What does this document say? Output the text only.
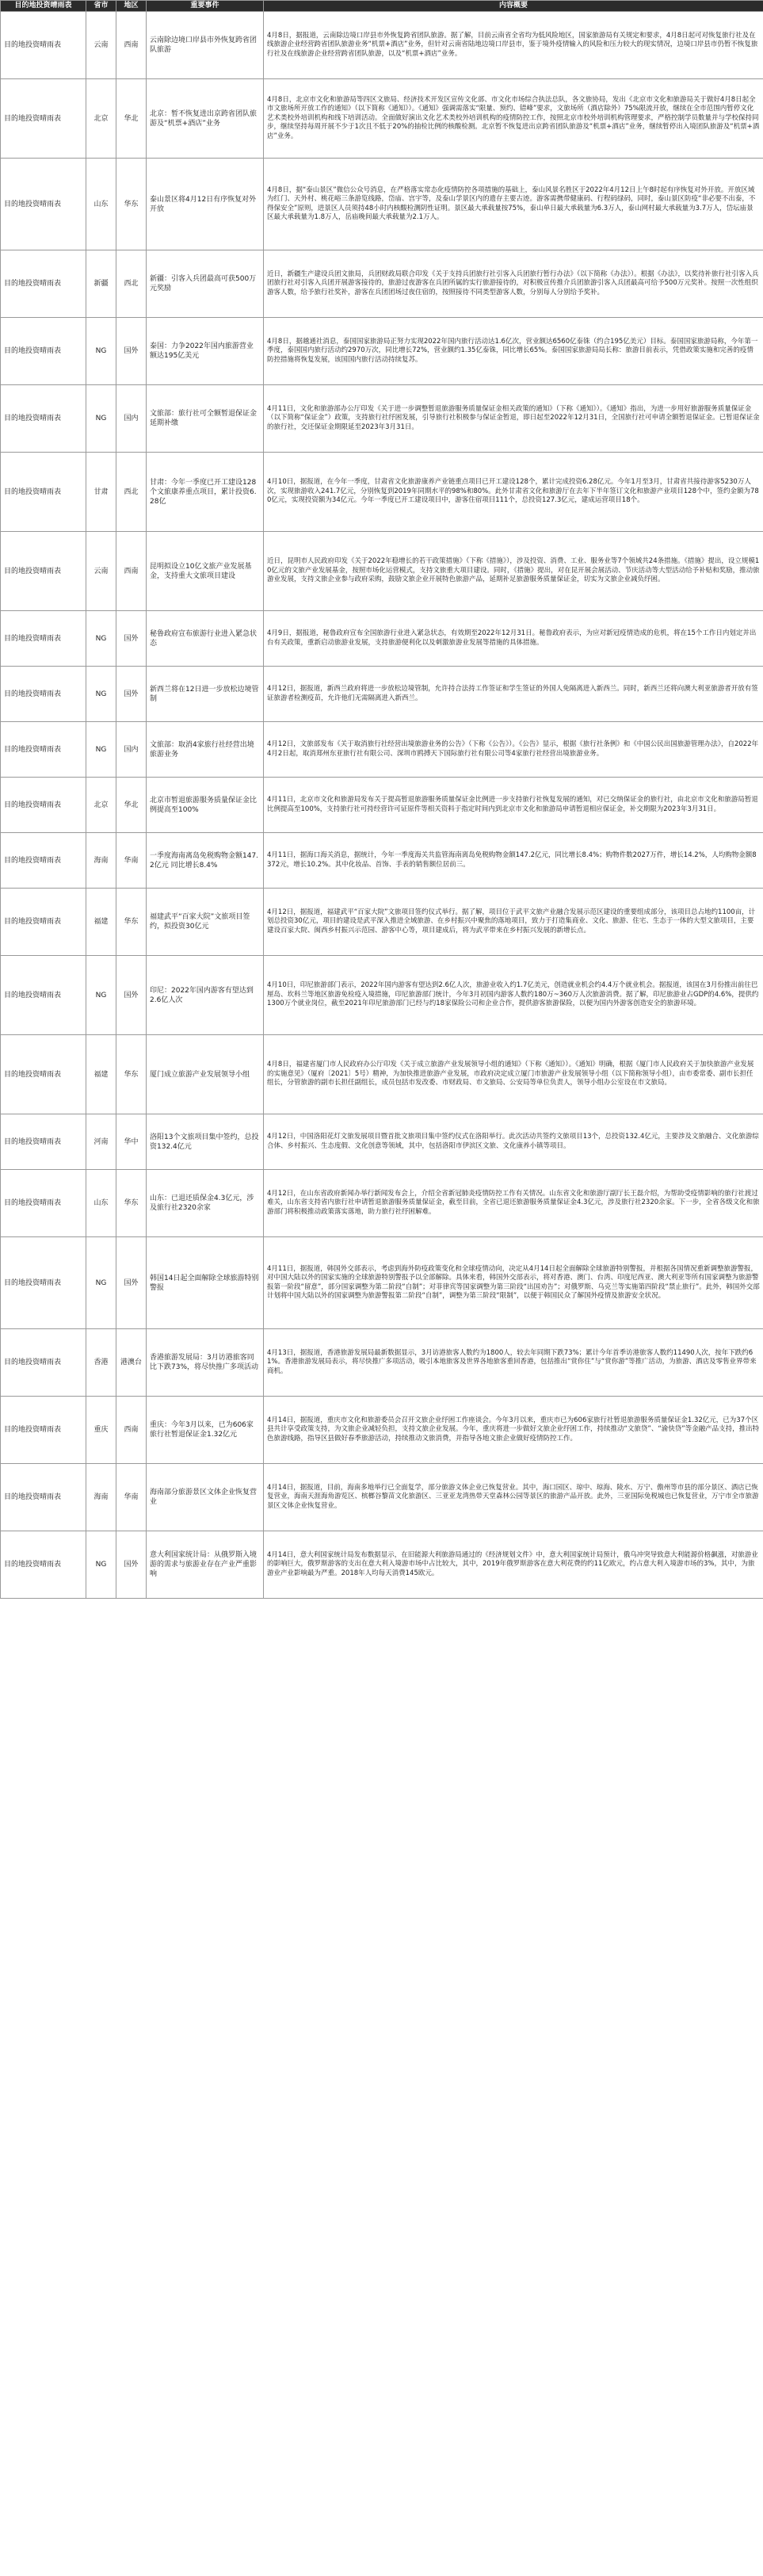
目的地投资晴雨表	省市	地区	重要事件	内容概要
目的地投资晴雨表	云南	西南	云南除边境口岸县市外恢复跨省团队旅游	4月8日，据报道，云南除边境口岸县市外恢复跨省团队旅游。据了解，目前云南省全省均为低风险地区，国家旅游局有关规定和要求，4月8日起可对恢复旅行社及在线旅游企业经营跨省团队旅游业务“机票+酒店”业务，但针对云南省陆地边境口岸县市，鉴于境外疫情输入的风险和压力较大的现实情况，边境口岸县市仍暂不恢复旅行社及在线旅游企业经营跨省团队旅游，以及“机票+酒店”业务。
目的地投资晴雨表	北京	华北	北京：暂不恢复进出京跨省团队旅游及“机票+酒店”业务	4月8日，北京市文化和旅游局等四区文旅局、经济技术开发区宣传文化部、市文化市场综合执法总队，各文旅协局，发出《北京市文化和旅游局关于做好4月8日起全市文旅场所开放工作的通知》（以下简称《通知》）。《通知》强调需落实“限量、预约、错峰”要求，文旅场所（酒店除外）75%限流开放，继续在全市范围内暂停文化艺术类校外培训机构和线下培训活动。全面做好演出文化艺术类校外培训机构的疫情防控工作，按照北京市校外培训机构管理要求，严格控制学员数量并与学校保持同步，继续坚持每周开展不少于1次且不低于20%的抽检比例的核酸检测。北京暂不恢复进出京跨省团队旅游及“机票+酒店”业务，继续暂停出入境团队旅游及“机票+酒店”业务。
目的地投资晴雨表	山东	华东	泰山景区将4月12日有序恢复对外开放	4月8日，据“泰山景区”微信公众号消息，在严格落实常态化疫情防控各项措施的基础上，泰山风景名胜区于2022年4月12日上午8时起有序恢复对外开放。开放区域为红门、天外村、桃花峪三条游览线路，岱庙、宫宇等，及泰山学景区内的遗存主要古迹。游客需携带健康码、行程码绿码，同时，泰山景区防疫“非必要不出泰，不得保安全”原则，进景区人员须持48小时内核酸检测阴性证明。景区最大承载量按75%，泰山单日最大承载量为6.3万人，泰山网村最大承载量为3.7万人，岱坛庙景区最大承载量为1.8万人，岳庙晚间最大承载量为2.1万人。
目的地投资晴雨表	新疆	西北	新疆：引客入兵团最高可获500万元奖励	近日，新疆生产建设兵团文旅局，兵团财政局联合印发《关于支持兵团旅行社引客入兵团旅行暂行办法》（以下简称《办法》）。根据《办法》，以奖待补旅行社引客入兵团旅行社对引客入兵团开展游客接待的，旅游过夜游客在兵团所属的实行旅游接待的，对积极宣传推介兵团旅游引客入兵团最高可给予500万元奖补。按照一次性组织游客人数，给予旅行社奖补，游客在兵团团场过夜住宿的，按照接待不同类型游客人数，分别每人分别给予奖补。
目的地投资晴雨表	NG	国外	泰国：力争2022年国内旅游营业额达195亿美元	4月8日，据越通社消息，泰国国家旅游局正努力实现2022年国内旅行活动达1.6亿次，营业额达6560亿泰铢（约合195亿美元）目标。泰国国家旅游局称，今年第一季度，泰国国内旅行活动约2970万次，同比增长72%，营业额约1.35亿泰铢，同比增长65%。泰国国家旅游局局长称：旅游目前表示，凭借政策实施和完善的疫情防控措施将恢复发展，该国国内旅行活动持续复苏。
目的地投资晴雨表	NG	国内	文旅部：旅行社可全额暂退保证金延期补缴	4月11日，文化和旅游部办公厅印发《关于进一步调整暂退旅游服务质量保证金相关政策的通知》（下称《通知》）。《通知》指出，为进一步用好旅游服务质量保证金（以下简称“保证金”）政策，支持旅行社纾困发展，引导旅行社积极参与保证金暂退，即日起至2022年12月31日，全国旅行社可申请全额暂退保证金。已暂退保证金的旅行社，交还保证金期限延至2023年3月31日。
目的地投资晴雨表	甘肃	西北	甘肃：今年一季度已开工建设128个文旅康养重点项目，累计投资6.28亿	4月10日，据报道，在今年一季度，甘肃省文化旅游康养产业链重点项目已开工建设128个，累计完成投资6.28亿元。今年1月至3月，甘肃省共接待游客5230万人次，实现旅游收入241.7亿元，分别恢复到2019年同期水平的98%和80%。此外甘肃省文化和旅游厅在去年下半年签订文化和旅游产业项目128个中，签约金额为780亿元，实现投资额为34亿元。今年一季度已开工建设项目中，游客住宿项目111个，总投资127.3亿元，建成运营项目18个。
目的地投资晴雨表	云南	西南	昆明拟设立10亿文旅产业发展基金，支持重大文旅项目建设	近日，昆明市人民政府印发《关于2022年稳增长的若干政策措施》（下称《措施》），涉及投资、消费、工业、服务业等7个领域共24条措施。《措施》提出，设立规模10亿元的文旅产业发展基金，按照市场化运营模式，支持文旅重大项目建设。同时，《措施》提出，对在昆开展会展活动、节庆活动等大型活动给予补贴和奖励，推动旅游业发展，支持文旅企业参与政府采购，鼓励文旅企业开展特色旅游产品，延期补足旅游服务质量保证金，切实为文旅企业减负纾困。
目的地投资晴雨表	NG	国外	秘鲁政府宣布旅游行业进入紧急状态	4月9日，据报道，秘鲁政府宣布全国旅游行业进入紧急状态，有效期至2022年12月31日。秘鲁政府表示，为应对新冠疫情造成的危机，将在15个工作日内划定并出台有关政策，重新启动旅游业发展，支持旅游便利化以及刺激旅游业发展等措施的具体措施。
目的地投资晴雨表	NG	国外	新西兰将在12日进一步放松边境管制	4月12日，据报道，新西兰政府将进一步放松边境管制，允许持合法持工作签证和学生签证的外国人免隔离进入新西兰。同时，新西兰还将向澳大利亚旅游者开放有签证旅游者检测疫苗，允许他们无需隔离进入新西兰。
目的地投资晴雨表	NG	国内	文旅部：取消4家旅行社经营出境旅游业务	4月12日，文旅部发布《关于取消旅行社经营出境旅游业务的公告》（下称《公告》）。《公告》显示，根据《旅行社条例》和《中国公民出国旅游管理办法》，自2022年4月2日起，取消郑州东亚旅行社有限公司、深圳市鸥搏天下国际旅行社有限公司等4家旅行社经营出境旅游业务。
目的地投资晴雨表	北京	华北	北京市暂退旅游服务质量保证金比例提高至100%	4月11日，北京市文化和旅游局发布关于提高暂退旅游服务质量保证金比例进一步支持旅行社恢复发展的通知，对已交纳保证金的旅行社，由北京市文化和旅游局暂退比例提高至100%，支持旅行社可持经营许可证原件等相关资料于指定时间内到北京市文化和旅游局申请暂退相应保证金，补交期限为2023年3月31日。
目的地投资晴雨表	海南	华南	一季度海南离岛免税购物金额147.2亿元 同比增长8.4%	4月11日，据海口海关消息，据统计，今年一季度海关共监管海南离岛免税购物金额147.2亿元，同比增长8.4%；购物件数2027万件，增长14.2%，人均购物金额8372元，增长10.2%。其中化妆品、首饰、手表的销售额位居前三。
目的地投资晴雨表	福建	华东	福建武平“百家大院”文旅项目签约，拟投资30亿元	4月12日，据报道，福建武平“百家大院”文旅项目签约仪式举行。据了解，项目位于武平文旅产业融合发展示范区建设的重要组成部分，该项目总占地约1100亩，计划总投资30亿元，项目的建设是武平深入推进全域旅游、在乡村振兴中聚焦的落地项目，致力于打造集商业、文化、旅游、住宅、生态于一体的大型文旅项目，主要建设百家大院、闽西乡村振兴示范园、游客中心等，项目建成后，将为武平带来在乡村振兴发展的新增长点。
目的地投资晴雨表	NG	国外	印尼：2022年国内游客有望达到2.6亿人次	4月10日，印尼旅游部门表示，2022年国内游客有望达到2.6亿人次，旅游业收入约1.7亿美元，创造就业机会约4.4万个就业机会。据报道，该国在3月份推出前往巴厘岛、坎科兰等地区旅游免检疫入境措施，印尼旅游部门统计，今年3月初国内游客人数约180万~360万人次旅游消费。据了解，印尼旅游业占GDP的4.6%，提供约1300万个就业岗位，截至2021年印尼旅游部门已经与约18家保险公司和企业合作，提供游客旅游保险，以便为国内外游客创造安全的旅游环境。
目的地投资晴雨表	福建	华东	厦门成立旅游产业发展领导小组	4月8日，福建省厦门市人民政府办公厅印发《关于成立旅游产业发展领导小组的通知》（下称《通知》）。《通知》明确，根据《厦门市人民政府关于加快旅游产业发展的实施意见》（厦府〔2021〕5号）精神，为加快推进旅游产业发展，市政府决定成立厦门市旅游产业发展领导小组（以下简称领导小组），由市委常委、副市长担任组长，分管旅游的副市长担任副组长，成员包括市发改委、市财政局、市文旅局、公安局等单位负责人，领导小组办公室设在市文旅局。
目的地投资晴雨表	河南	华中	洛阳13个文旅项目集中签约，总投资132.4亿元	4月12日，中国洛阳花灯文旅发展项目暨首批文旅项目集中签约仪式在洛阳举行。此次活动共签约文旅项目13个，总投资132.4亿元，主要涉及文旅融合、文化旅游综合体、乡村振兴、生态度假、文化创意等领域，其中，包括洛阳市伊滨区文旅、文化康养小镇等项目。
目的地投资晴雨表	山东	华东	山东：已退还质保金4.3亿元，涉及旅行社2320余家	4月12日，在山东省政府新闻办举行新闻发布会上，介绍全省新冠肺炎疫情防控工作有关情况。山东省文化和旅游厅副厅长王磊介绍，为帮助受疫情影响的旅行社渡过难关，山东省支持省内旅行社申请暂退旅游服务质量保证金，截至目前，全省已退还旅游服务质量保证金4.3亿元，涉及旅行社2320余家。下一步，全省各级文化和旅游部门将积极推动政策落实落地，助力旅行社纾困解难。
目的地投资晴雨表	NG	国外	韩国14日起全面解除全球旅游特别警报	4月11日，据报道，韩国外交部表示，考虑到海外防疫政策变化和全球疫情动向，决定从4月14日起全面解除全球旅游特别警报，并根据各国情况重新调整旅游警报，对中国大陆以外的国家实施的全球旅游特别警报予以全部解除。具体来看，韩国外交部表示，将对香港、澳门、台湾、印度尼西亚、澳大利亚等所有国家调整为旅游警报第一阶段“留意”，部分国家调整为第二阶段“自制”；对菲律宾等国家调整为第三阶段“出国劝告”；对俄罗斯、乌克兰等实施第四阶段“禁止旅行”。此外，韩国外交部计划将中国大陆以外的国家调整为旅游警报第二阶段“自制”，调整为第三阶段“限制”，以便于韩国民众了解国外疫情及旅游安全状况。
目的地投资晴雨表	香港	港澳台	香港旅游发展局：3月访港旅客同比下跌73%，将尽快推广多项活动	4月13日，据报道，香港旅游发展局最新数据显示，3月访港旅客人数约为1800人，较去年同期下跌73%；累计今年首季访港旅客人数约11490人次，按年下跌约61%。香港旅游发展局表示，将尽快推广多项活动，吸引本地旅客及世界各地旅客重回香港，包括推出“赏你住”与“赏你游”等推广活动，为旅游、酒店及零售业界带来商机。
目的地投资晴雨表	重庆	西南	重庆：今年3月以来，已为606家旅行社暂退保证金1.32亿元	4月14日，据报道，重庆市文化和旅游委员会召开文旅企业纾困工作座谈会。今年3月以来，重庆市已为606家旅行社暂退旅游服务质量保证金1.32亿元，已为37个区县共计享受政策支持，为文旅企业减轻负担，支持文旅企业发展。今年，重庆将进一步做好文旅企业纾困工作，持续推动“文旅贷”、“渝快贷”等金融产品支持，推出特色旅游线路，指导区县做好春季旅游活动，持续推动文旅消费，并指导各地文旅企业做好疫情防控工作。
目的地投资晴雨表	海南	华南	海南部分旅游景区文体企业恢复营业	4月14日，据报道，目前，海南多地举行已全面复学，部分旅游文体企业已恢复营业。其中，海口园区、琼中、琼海、陵水、万宁、儋州等市县的部分景区、酒店已恢复营业，海南天涯海角游览区、槟榔谷黎苗文化旅游区、三亚亚龙湾热带天堂森林公园等景区的旅游产品开放。此外，三亚国际免税城也已恢复营业，万宁市全市旅游景区文体企业恢复营业。
目的地投资晴雨表	NG	国外	意大利国家统计局：从俄罗斯入境游的需求与旅游业存在产业严重影响	4月14日，意大利国家统计局发布数据显示，在旧能源大利旅游局通过的《经济规划文件》中，意大利国家统计局预计，俄乌冲突导致意大利能源价格飙涨，对旅游业的影响巨大，俄罗斯游客的支出在意大利入境游市场中占比较大，其中，2019年俄罗斯游客在意大利花费的约11亿欧元，约占意大利入境游市场的3%，其中，为旅游业产业影响最为严重。2018年人均每天消费145欧元。
